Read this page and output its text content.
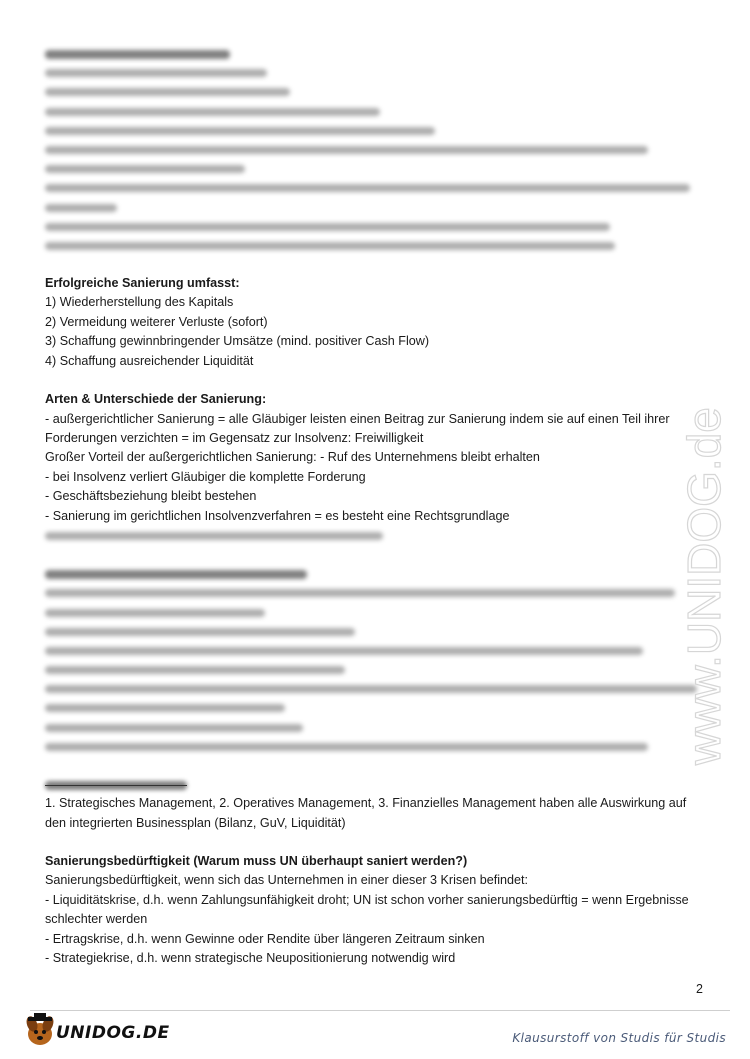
Erfolgreiche Sanierung umfasst:
1) Wiederherstellung des Kapitals
2) Vermeidung weiterer Verluste (sofort)
3) Schaffung gewinnbringender Umsätze (mind. positiver Cash Flow)
4) Schaffung ausreichender Liquidität
Arten & Unterschiede der Sanierung:
- außergerichtlicher Sanierung = alle Gläubiger leisten einen Beitrag zur Sanierung indem sie auf einen Teil ihrer
Forderungen verzichten = im Gegensatz zur Insolvenz: Freiwilligkeit
Großer Vorteil der außergerichtlichen Sanierung: - Ruf des Unternehmens bleibt erhalten
- bei Insolvenz verliert Gläubiger die komplette Forderung
- Geschäftsbeziehung bleibt bestehen
- Sanierung im gerichtlichen Insolvenzverfahren = es besteht eine Rechtsgrundlage
1. Strategisches Management, 2. Operatives Management, 3. Finanzielles Management haben alle Auswirkung auf
den integrierten Businessplan (Bilanz, GuV, Liquidität)
Sanierungsbedürftigkeit (Warum muss UN überhaupt saniert werden?)
Sanierungsbedürftigkeit, wenn sich das Unternehmen in einer dieser 3 Krisen befindet:
- Liquiditätskrise, d.h. wenn Zahlungsunfähigkeit droht; UN ist schon vorher sanierungsbedürftig = wenn Ergebnisse
schlechter werden
- Ertragskrise, d.h. wenn Gewinne oder Rendite über längeren Zeitraum sinken
- Strategiekrise, d.h. wenn strategische Neupositionierung notwendig wird
www.UNIDOG.de
2
UNIDOG.DE	Klausurstoff von Studis für Studis
